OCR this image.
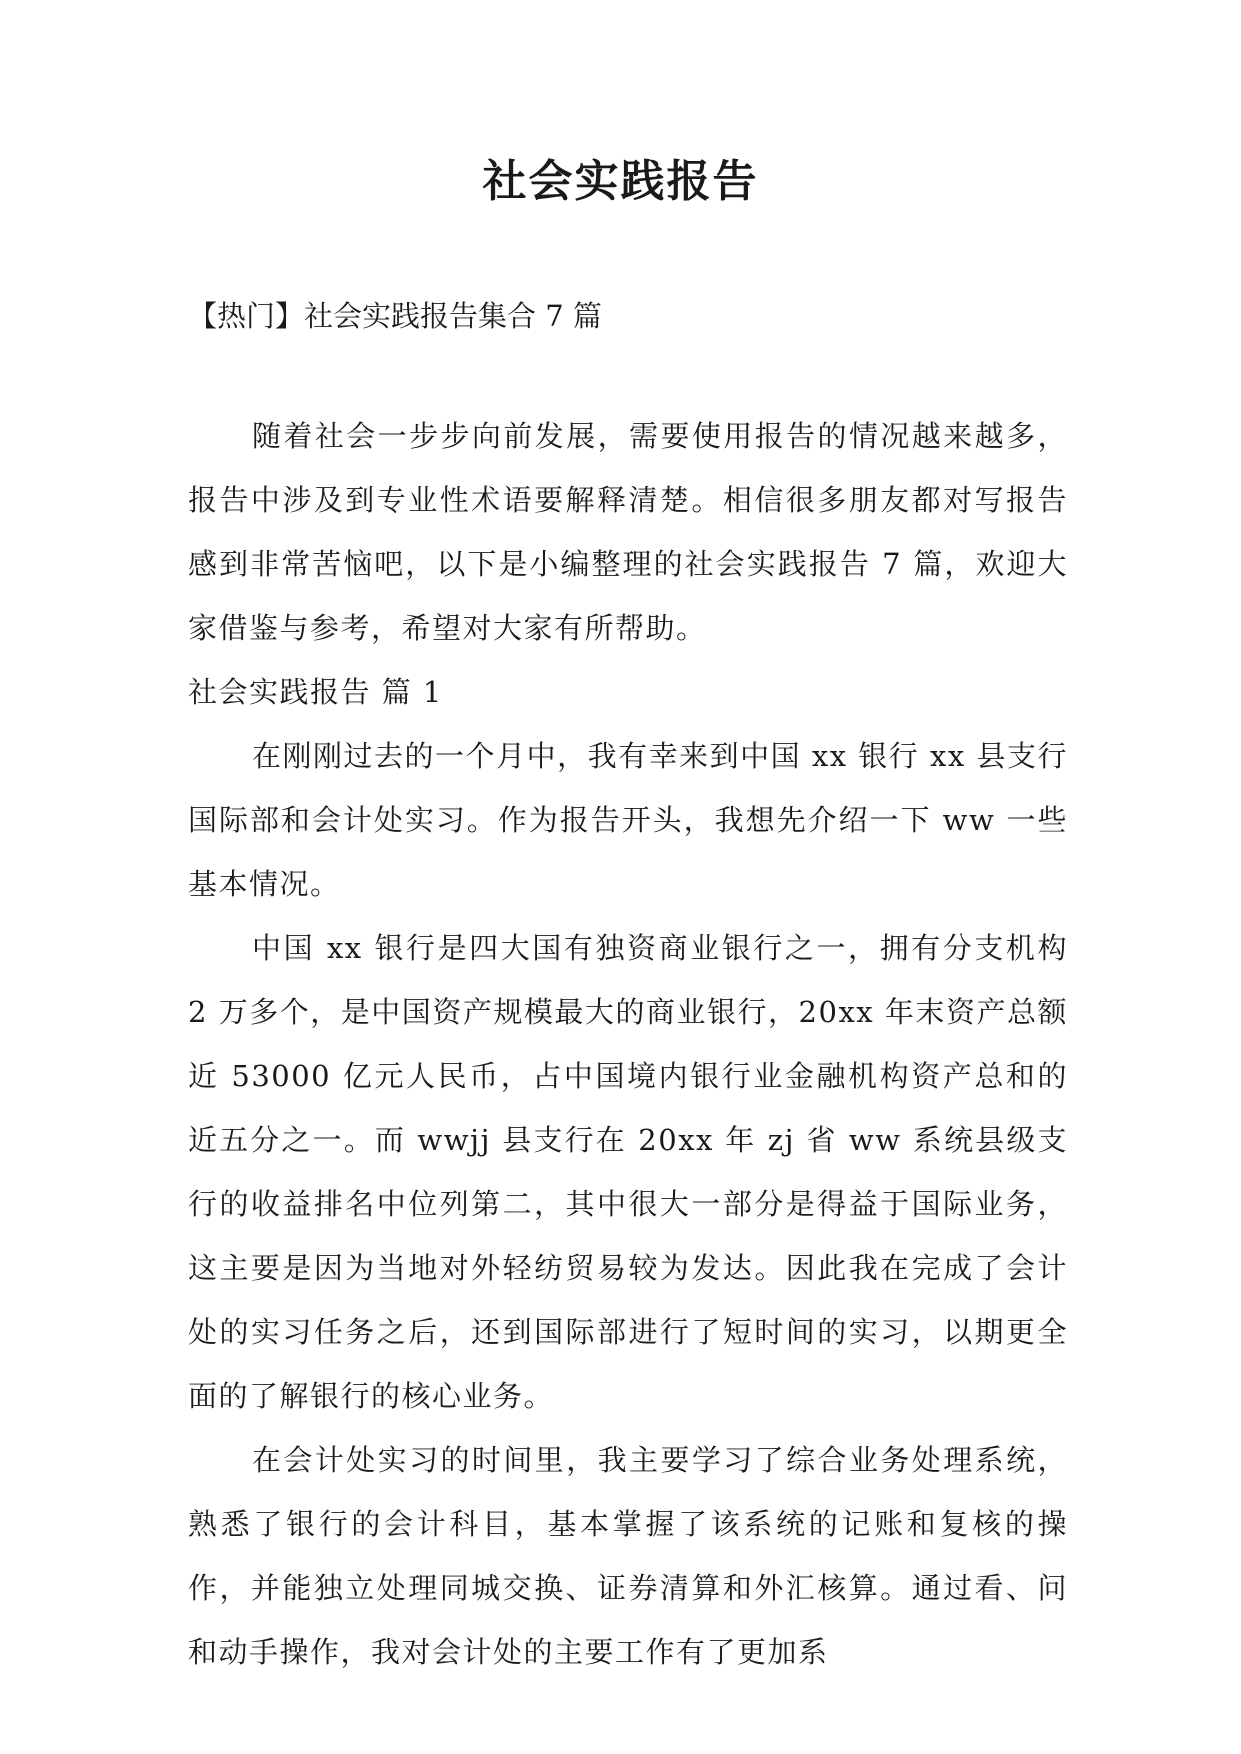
社会实践报告

【热门】社会实践报告集合 7 篇

随着社会一步步向前发展，需要使用报告的情况越来越多，报告中涉及到专业性术语要解释清楚。相信很多朋友都对写报告感到非常苦恼吧，以下是小编整理的社会实践报告 7 篇，欢迎大家借鉴与参考，希望对大家有所帮助。

社会实践报告 篇 1

在刚刚过去的一个月中，我有幸来到中国 xx 银行 xx 县支行国际部和会计处实习。作为报告开头，我想先介绍一下 ww 一些基本情况。

中国 xx 银行是四大国有独资商业银行之一，拥有分支机构 2 万多个，是中国资产规模最大的商业银行，20xx 年末资产总额近 53000 亿元人民币，占中国境内银行业金融机构资产总和的近五分之一。而 wwjj 县支行在 20xx 年 zj 省 ww 系统县级支行的收益排名中位列第二，其中很大一部分是得益于国际业务，这主要是因为当地对外轻纺贸易较为发达。因此我在完成了会计处的实习任务之后，还到国际部进行了短时间的实习，以期更全面的了解银行的核心业务。

在会计处实习的时间里，我主要学习了综合业务处理系统，熟悉了银行的会计科目，基本掌握了该系统的记账和复核的操作，并能独立处理同城交换、证券清算和外汇核算。通过看、问和动手操作，我对会计处的主要工作有了更加系
